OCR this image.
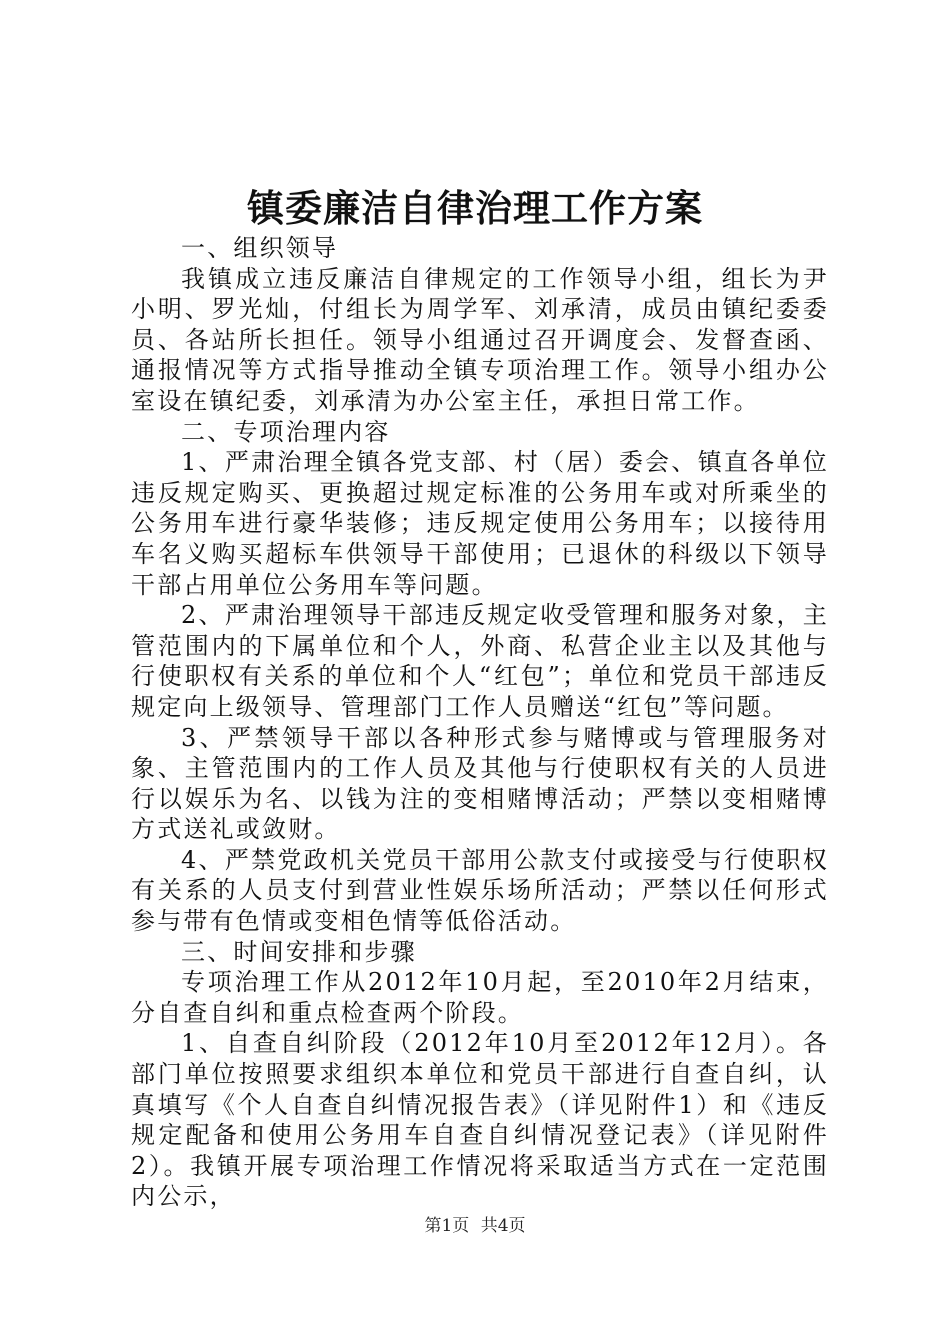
镇委廉洁自律治理工作方案

一、组织领导

我镇成立违反廉洁自律规定的工作领导小组，组长为尹小明、罗光灿，付组长为周学军、刘承清，成员由镇纪委委员、各站所长担任。领导小组通过召开调度会、发督查函、通报情况等方式指导推动全镇专项治理工作。领导小组办公室设在镇纪委，刘承清为办公室主任，承担日常工作。

二、专项治理内容

1、严肃治理全镇各党支部、村（居）委会、镇直各单位违反规定购买、更换超过规定标准的公务用车或对所乘坐的公务用车进行豪华装修；违反规定使用公务用车；以接待用车名义购买超标车供领导干部使用；已退休的科级以下领导干部占用单位公务用车等问题。

2、严肃治理领导干部违反规定收受管理和服务对象，主管范围内的下属单位和个人，外商、私营企业主以及其他与行使职权有关系的单位和个人“红包”；单位和党员干部违反规定向上级领导、管理部门工作人员赠送“红包”等问题。

3、严禁领导干部以各种形式参与赌博或与管理服务对象、主管范围内的工作人员及其他与行使职权有关的人员进行以娱乐为名、以钱为注的变相赌博活动；严禁以变相赌博方式送礼或敛财。

4、严禁党政机关党员干部用公款支付或接受与行使职权有关系的人员支付到营业性娱乐场所活动；严禁以任何形式参与带有色情或变相色情等低俗活动。

三、时间安排和步骤

专项治理工作从2012年10月起，至2010年2月结束，分自查自纠和重点检查两个阶段。

1、自查自纠阶段（2012年10月至2012年12月）。各部门单位按照要求组织本单位和党员干部进行自查自纠，认真填写《个人自查自纠情况报告表》（详见附件1）和《违反规定配备和使用公务用车自查自纠情况登记表》（详见附件2）。我镇开展专项治理工作情况将采取适当方式在一定范围内公示，

第1页 共4页
